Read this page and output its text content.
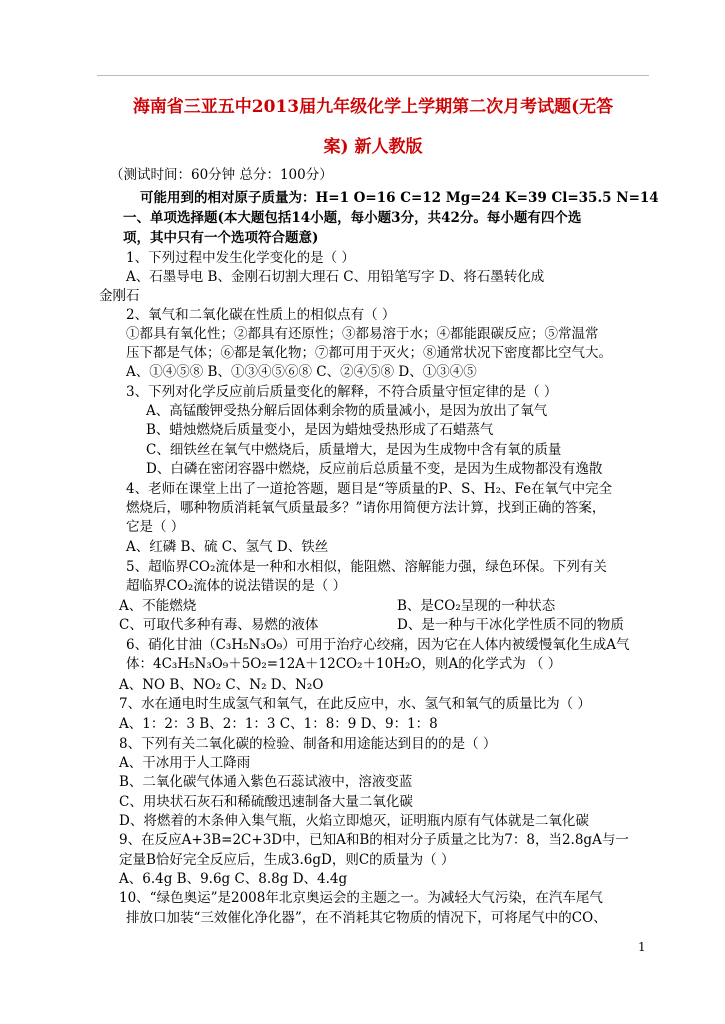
海南省三亚五中2013届九年级化学上学期第二次月考试题(无答
案) 新人教版
（测试时间：60分钟 总分：100分）
可能用到的相对原子质量为：H=1 O=16 C=12 Mg=24 K=39 Cl=35.5 N=14
一、单项选择题(本大题包括14小题，每小题3分，共42分。每小题有四个选
项，其中只有一个选项符合题意)
1、下列过程中发生化学变化的是（ ）
A、石墨导电 B、金刚石切割大理石 C、用铅笔写字 D、将石墨转化成
金刚石
2、氧气和二氧化碳在性质上的相似点有（ ）
①都具有氧化性；②都具有还原性；③都易溶于水；④都能跟碳反应；⑤常温常
压下都是气体；⑥都是氧化物；⑦都可用于灭火；⑧通常状况下密度都比空气大。
A、①④⑤⑧ B、①③④⑤⑥⑧ C、②④⑤⑧ D、①③④⑤
3、下列对化学反应前后质量变化的解释，不符合质量守恒定律的是（ ）
A、高锰酸钾受热分解后固体剩余物的质量减小，是因为放出了氧气
B、蜡烛燃烧后质量变小，是因为蜡烛受热形成了石蜡蒸气
C、细铁丝在氧气中燃烧后，质量增大，是因为生成物中含有氧的质量
D、白磷在密闭容器中燃烧，反应前后总质量不变，是因为生成物都没有逸散
4、老师在课堂上出了一道抢答题，题目是“等质量的P、S、H₂、Fe在氧气中完全
燃烧后，哪种物质消耗氧气质量最多？”请你用简便方法计算，找到正确的答案，
它是（ ）
A、红磷 B、硫 C、氢气 D、铁丝
5、超临界CO₂流体是一种和水相似，能阻燃、溶解能力强，绿色环保。下列有关
超临界CO₂流体的说法错误的是（ ）
A、不能燃烧	B、是CO₂呈现的一种状态
C、可取代多种有毒、易燃的液体	D、是一种与干冰化学性质不同的物质
6、硝化甘油（C₃H₅N₃O₉）可用于治疗心绞痛，因为它在人体内被缓慢氧化生成A气
体：4C₃H₅N₃O₉＋5O₂=12A＋12CO₂＋10H₂O，则A的化学式为 （ ）
A、NO B、NO₂ C、N₂ D、N₂O
7、水在通电时生成氢气和氧气，在此反应中，水、氢气和氧气的质量比为（ ）
A、1：2：3 B、2：1：3 C、1：8：9 D、9：1：8
8、下列有关二氧化碳的检验、制备和用途能达到目的的是（ ）
A、干冰用于人工降雨
B、二氧化碳气体通入紫色石蕊试液中，溶液变蓝
C、用块状石灰石和稀硫酸迅速制备大量二氧化碳
D、将燃着的木条伸入集气瓶，火焰立即熄灭，证明瓶内原有气体就是二氧化碳
9、在反应A+3B=2C+3D中，已知A和B的相对分子质量之比为7：8，当2.8gA与一
定量B恰好完全反应后，生成3.6gD，则C的质量为（ ）
A、6.4g B、9.6g C、8.8g D、4.4g
10、“绿色奥运”是2008年北京奥运会的主题之一。为减轻大气污染，在汽车尾气
排放口加装“三效催化净化器”，在不消耗其它物质的情况下，可将尾气中的CO、
1
